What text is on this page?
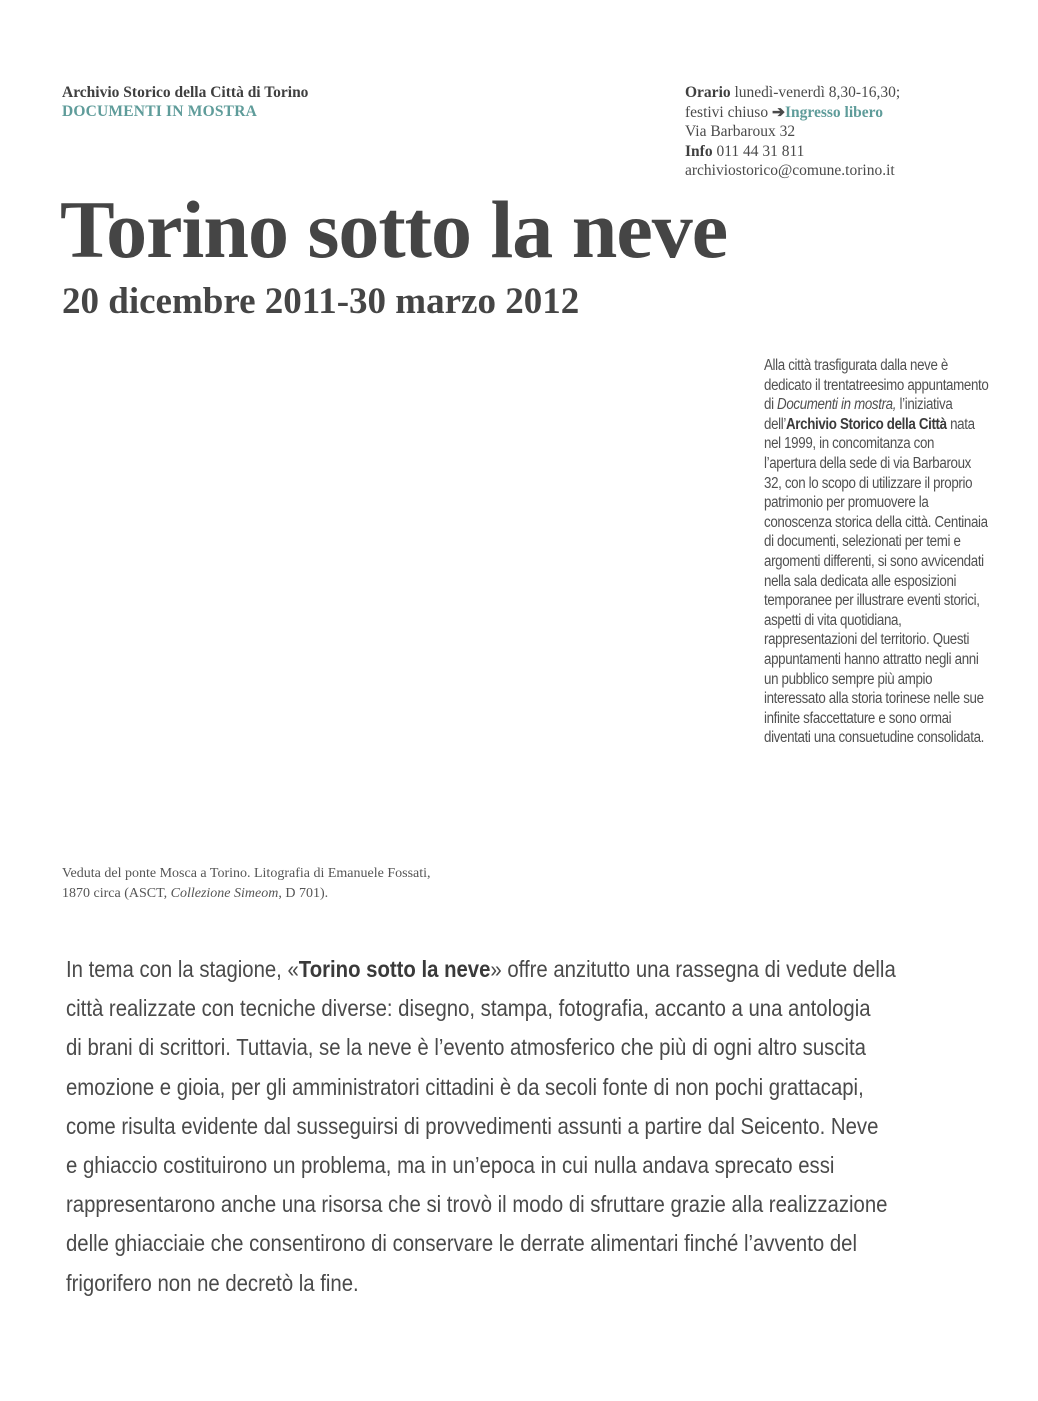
Archivio Storico della Città di Torino
DOCUMENTI IN MOSTRA
Orario lunedì-venerdì 8,30-16,30;
festivi chiuso ➔Ingresso libero
Via Barbaroux 32
Info 011 44 31 811
archiviostorico@comune.torino.it
Torino sotto la neve
20 dicembre 2011-30 marzo 2012
Alla città trasfigurata dalla neve è dedicato il trentatreesimo appuntamento di Documenti in mostra, l’iniziativa dell’Archivio Storico della Città nata nel 1999, in concomitanza con l’apertura della sede di via Barbaroux 32, con lo scopo di utilizzare il proprio patrimonio per promuovere la conoscenza storica della città. Centinaia di documenti, selezionati per temi e argomenti differenti, si sono avvicendati nella sala dedicata alle esposizioni temporanee per illustrare eventi storici, aspetti di vita quotidiana, rappresentazioni del territorio. Questi appuntamenti hanno attratto negli anni un pubblico sempre più ampio interessato alla storia torinese nelle sue infinite sfaccettature e sono ormai diventati una consuetudine consolidata.
Veduta del ponte Mosca a Torino. Litografia di Emanuele Fossati,
1870 circa (ASCT, Collezione Simeom, D 701).
In tema con la stagione, «Torino sotto la neve» offre anzitutto una rassegna di vedute della
città realizzate con tecniche diverse: disegno, stampa, fotografia, accanto a una antologia
di brani di scrittori. Tuttavia, se la neve è l’evento atmosferico che più di ogni altro suscita
emozione e gioia, per gli amministratori cittadini è da secoli fonte di non pochi grattacapi,
come risulta evidente dal susseguirsi di provvedimenti assunti a partire dal Seicento. Neve
e ghiaccio costituirono un problema, ma in un’epoca in cui nulla andava sprecato essi
rappresentarono anche una risorsa che si trovò il modo di sfruttare grazie alla realizzazione
delle ghiacciaie che consentirono di conservare le derrate alimentari finché l’avvento del
frigorifero non ne decretò la fine.
